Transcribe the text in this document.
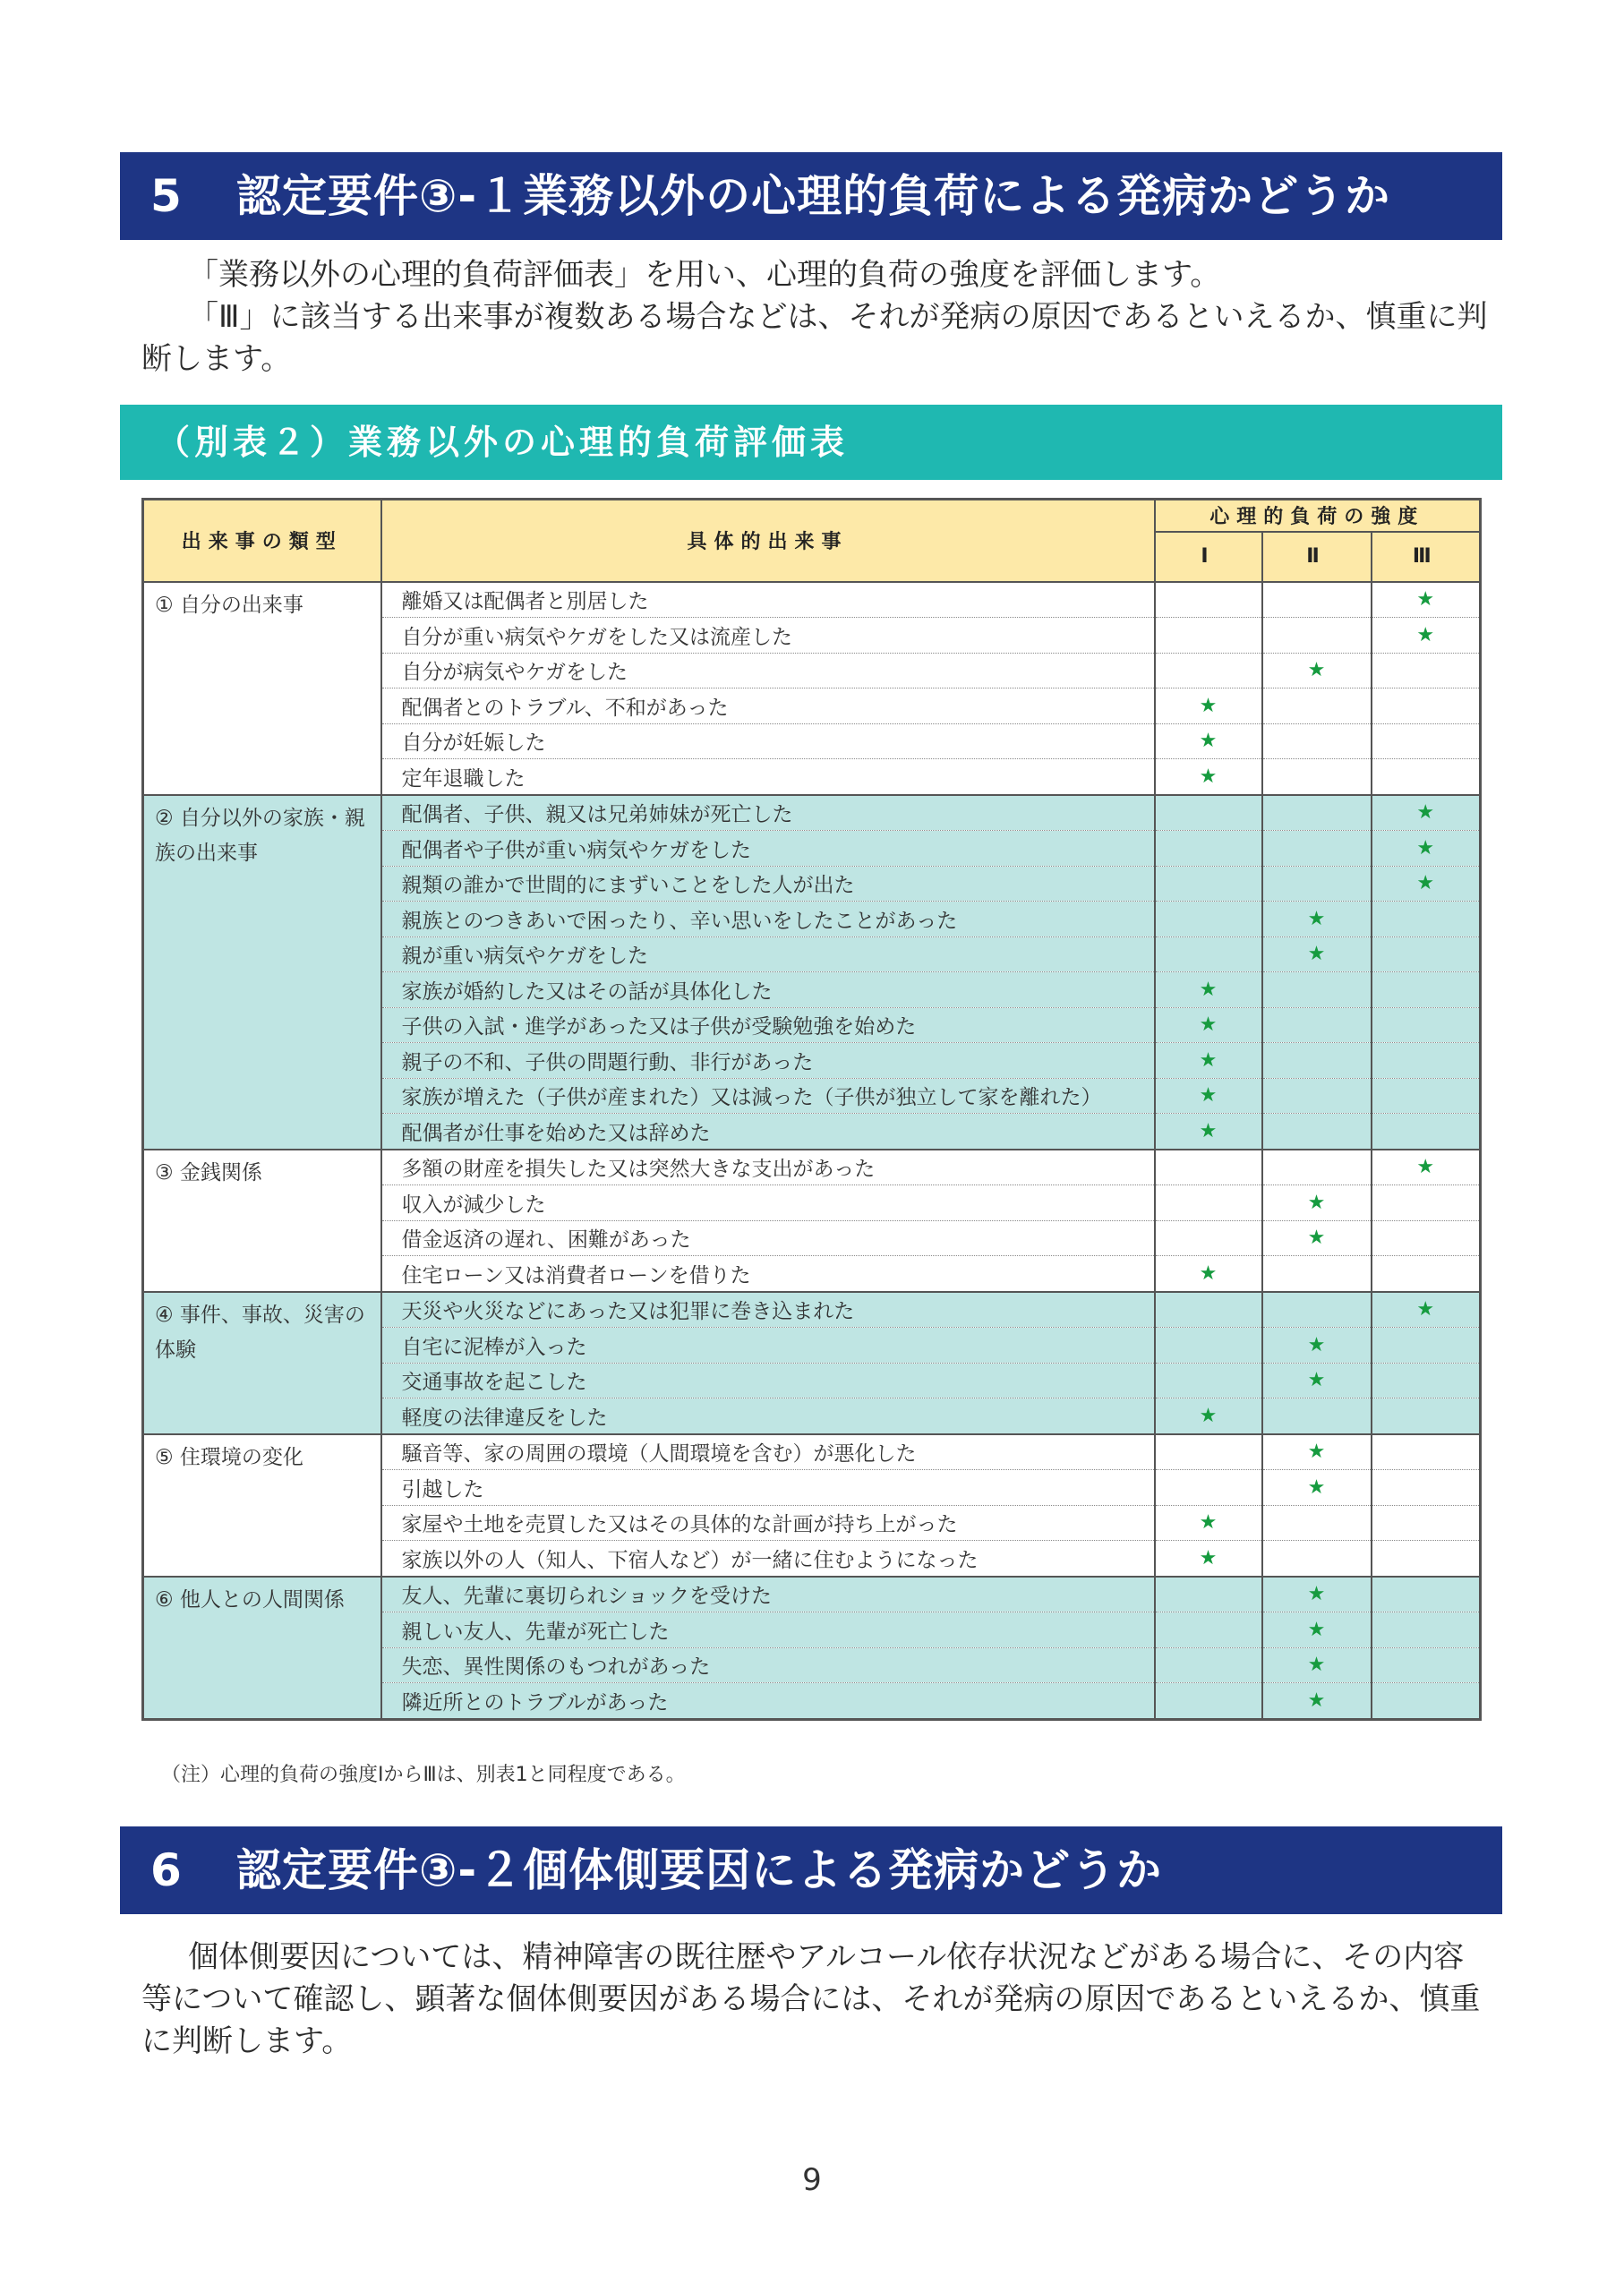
5 認定要件③-１業務以外の心理的負荷による発病かどうか

「業務以外の心理的負荷評価表」を用い、心理的負荷の強度を評価します。

「Ⅲ」に該当する出来事が複数ある場合などは、それが発病の原因であるといえるか、慎重に判断します。

（別表２）業務以外の心理的負荷評価表
出来事の類型	具体的出来事	心理的負荷の強度		
		Ⅰ	Ⅱ	Ⅲ
① 自分の出来事	離婚又は配偶者と別居した			★
	自分が重い病気やケガをした又は流産した			★
	自分が病気やケガをした		★	
	配偶者とのトラブル、不和があった	★		
	自分が妊娠した	★		
	定年退職した	★		
② 自分以外の家族・親族の出来事	配偶者、子供、親又は兄弟姉妹が死亡した			★
	配偶者や子供が重い病気やケガをした			★
	親類の誰かで世間的にまずいことをした人が出た			★
	親族とのつきあいで困ったり、辛い思いをしたことがあった		★	
	親が重い病気やケガをした		★	
	家族が婚約した又はその話が具体化した	★		
	子供の入試・進学があった又は子供が受験勉強を始めた	★		
	親子の不和、子供の問題行動、非行があった	★		
	家族が増えた（子供が産まれた）又は減った（子供が独立して家を離れた）	★		
	配偶者が仕事を始めた又は辞めた	★		
③ 金銭関係	多額の財産を損失した又は突然大きな支出があった			★
	収入が減少した		★	
	借金返済の遅れ、困難があった		★	
	住宅ローン又は消費者ローンを借りた	★		
④ 事件、事故、災害の体験	天災や火災などにあった又は犯罪に巻き込まれた			★
	自宅に泥棒が入った		★	
	交通事故を起こした		★	
	軽度の法律違反をした	★		
⑤ 住環境の変化	騒音等、家の周囲の環境（人間環境を含む）が悪化した		★	
	引越した		★	
	家屋や土地を売買した又はその具体的な計画が持ち上がった	★		
	家族以外の人（知人、下宿人など）が一緒に住むようになった	★		
⑥ 他人との人間関係	友人、先輩に裏切られショックを受けた		★	
	親しい友人、先輩が死亡した		★	
	失恋、異性関係のもつれがあった		★	
	隣近所とのトラブルがあった		★	
（注）心理的負荷の強度ⅠからⅢは、別表1と同程度である。
6 認定要件③-２個体側要因による発病かどうか

個体側要因については、精神障害の既往歴やアルコール依存状況などがある場合に、その内容等について確認し、顕著な個体側要因がある場合には、それが発病の原因であるといえるか、慎重に判断します。

9
